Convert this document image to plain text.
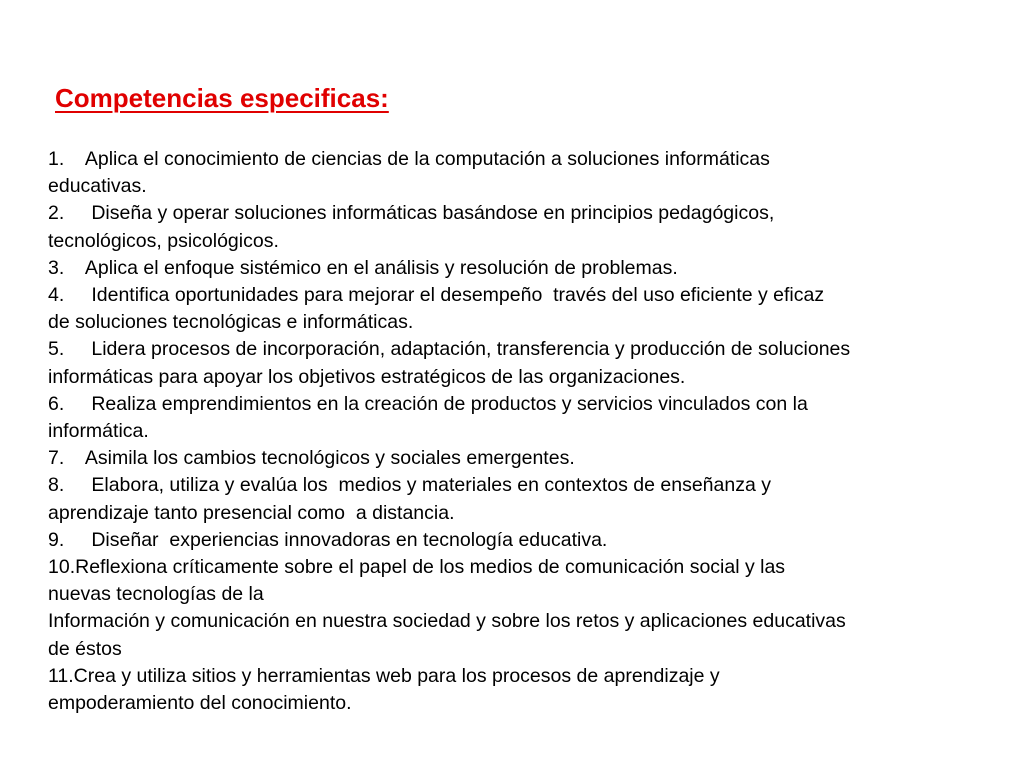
Competencias especificas:
1.    Aplica el conocimiento de ciencias de la computación a soluciones informáticas
educativas.
2.     Diseña y operar soluciones informáticas basándose en principios pedagógicos,
tecnológicos, psicológicos.
3.    Aplica el enfoque sistémico en el análisis y resolución de problemas.
4.     Identifica oportunidades para mejorar el desempeño  través del uso eficiente y eficaz
de soluciones tecnológicas e informáticas.
5.     Lidera procesos de incorporación, adaptación, transferencia y producción de soluciones
informáticas para apoyar los objetivos estratégicos de las organizaciones.
6.     Realiza emprendimientos en la creación de productos y servicios vinculados con la
informática.
7.    Asimila los cambios tecnológicos y sociales emergentes.
8.     Elabora, utiliza y evalúa los  medios y materiales en contextos de enseñanza y
aprendizaje tanto presencial como  a distancia.
9.     Diseñar  experiencias innovadoras en tecnología educativa.
10.Reflexiona críticamente sobre el papel de los medios de comunicación social y las
nuevas tecnologías de la
Información y comunicación en nuestra sociedad y sobre los retos y aplicaciones educativas
de éstos
11.Crea y utiliza sitios y herramientas web para los procesos de aprendizaje y
empoderamiento del conocimiento.
